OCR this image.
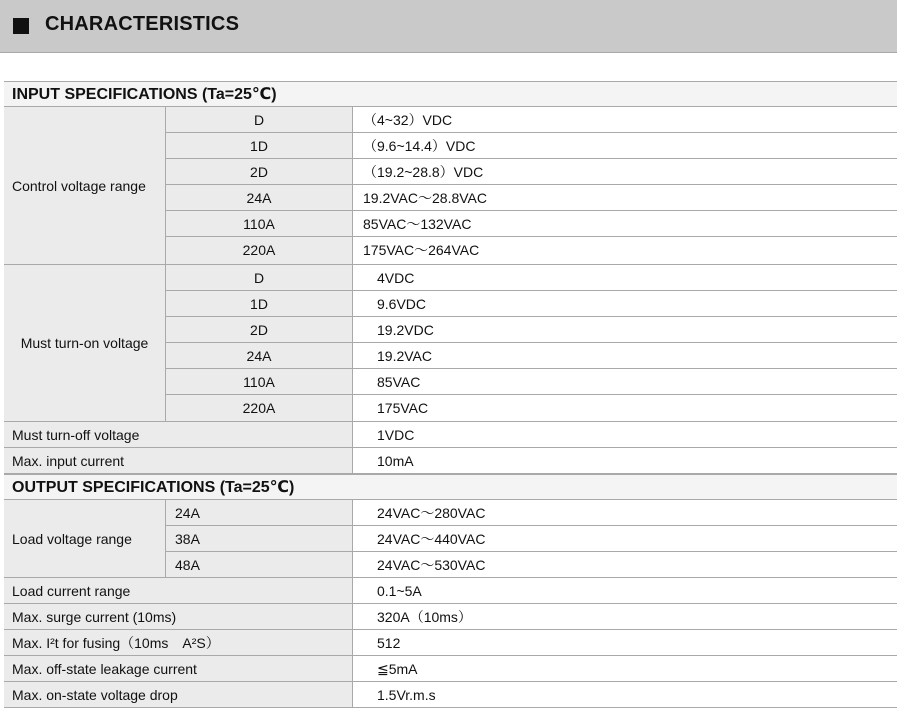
CHARACTERISTICS
INPUT SPECIFICATIONS (Ta=25℃)
Control voltage range
D	（4~32）VDC
1D	（9.6~14.4）VDC
2D	（19.2~28.8）VDC
24A	19.2VAC～28.8VAC
110A	85VAC～132VAC
220A	175VAC～264VAC
Must turn-on voltage
D	4VDC
1D	9.6VDC
2D	19.2VDC
24A	19.2VAC
110A	85VAC
220A	175VAC
Must turn-off voltage	1VDC
Max. input current	10mA
OUTPUT SPECIFICATIONS (Ta=25℃)
Load voltage range
24A	24VAC～280VAC
38A	24VAC～440VAC
48A	24VAC～530VAC
Load current range	0.1~5A
Max. surge current (10ms)	320A（10ms）
Max. I²t for fusing（10ms　A²S）	512
Max. off-state leakage current	≦5mA
Max. on-state voltage drop	1.5Vr.m.s
